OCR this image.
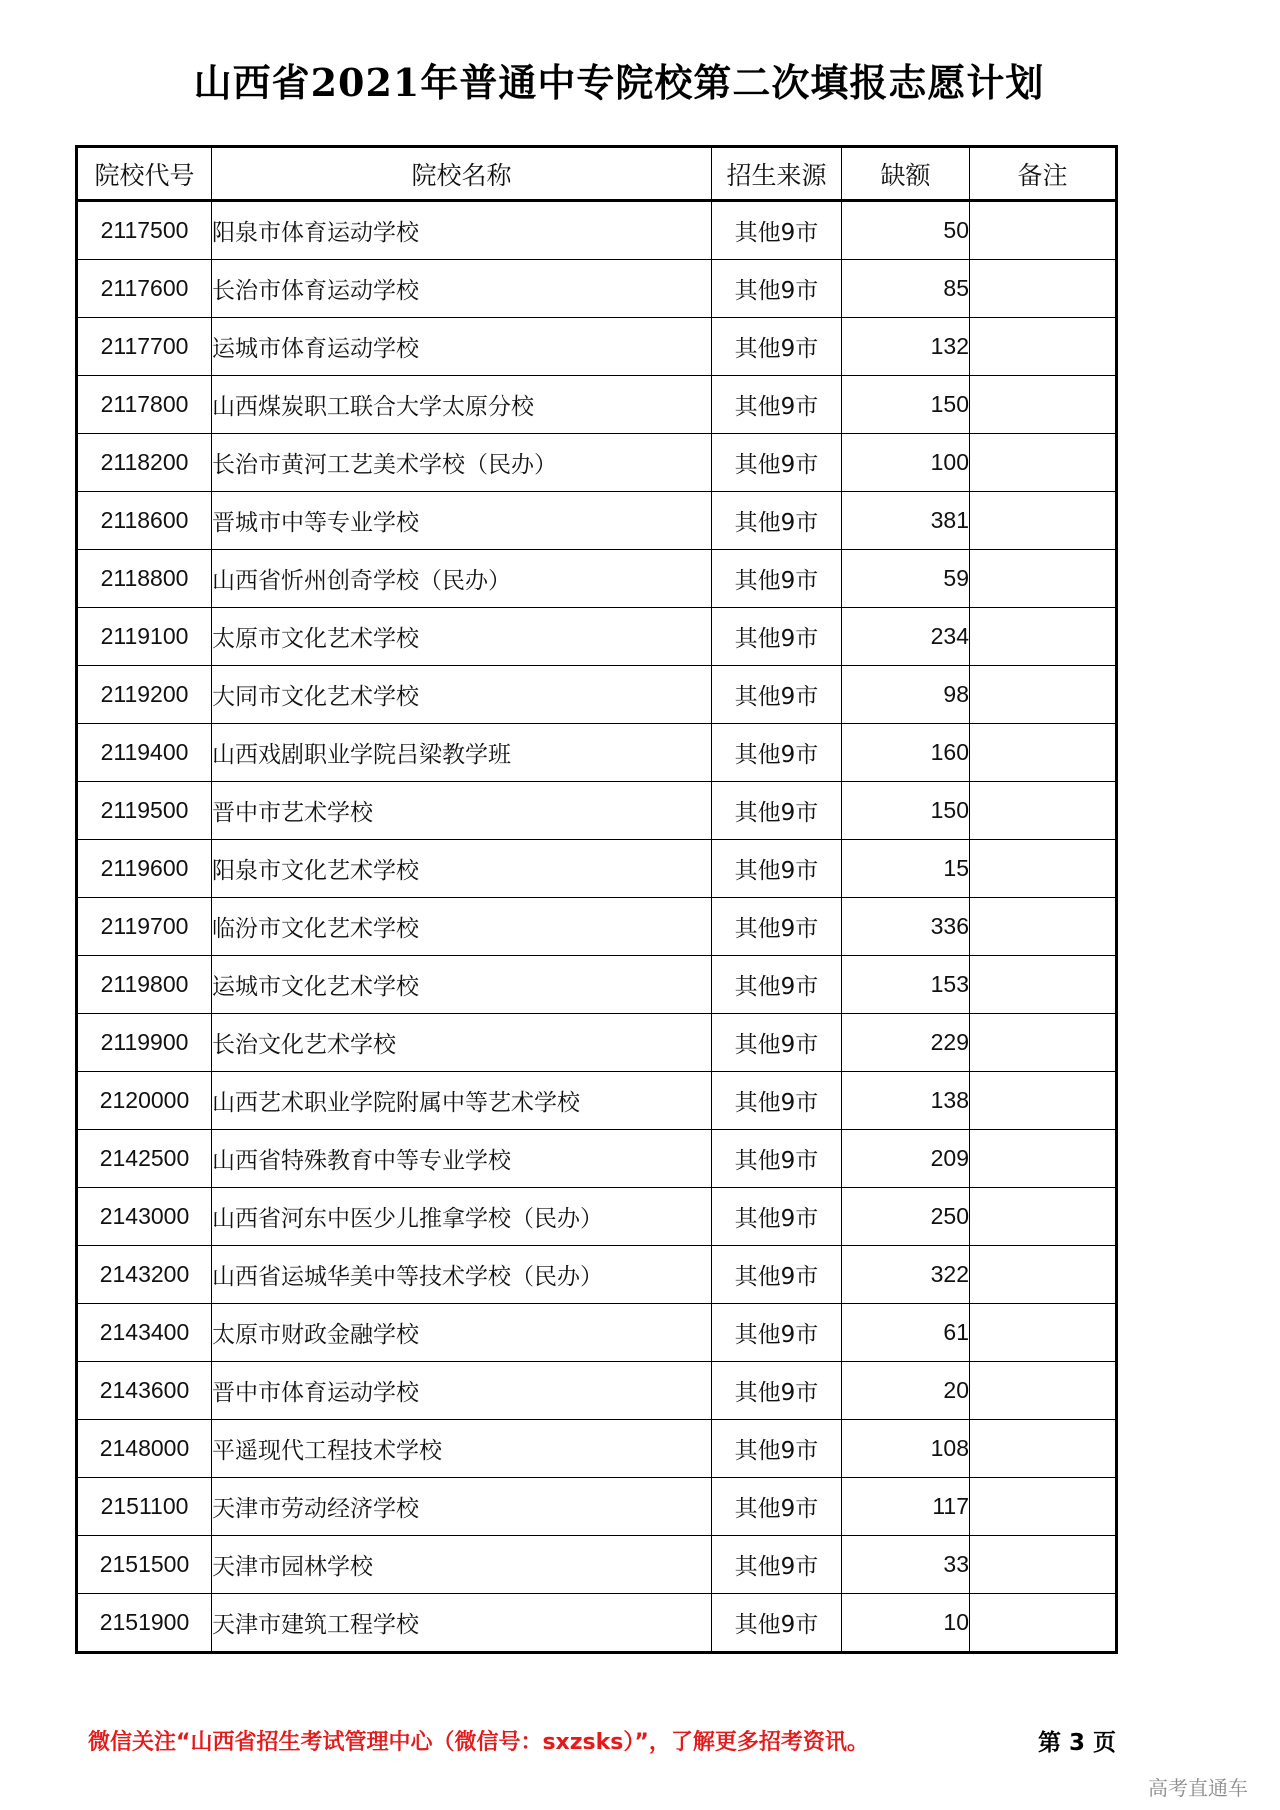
山西省2021年普通中专院校第二次填报志愿计划
院校代号	院校名称	招生来源	缺额	备注
2117500	阳泉市体育运动学校	其他9市	50	
2117600	长治市体育运动学校	其他9市	85	
2117700	运城市体育运动学校	其他9市	132	
2117800	山西煤炭职工联合大学太原分校	其他9市	150	
2118200	长治市黄河工艺美术学校（民办）	其他9市	100	
2118600	晋城市中等专业学校	其他9市	381	
2118800	山西省忻州创奇学校（民办）	其他9市	59	
2119100	太原市文化艺术学校	其他9市	234	
2119200	大同市文化艺术学校	其他9市	98	
2119400	山西戏剧职业学院吕梁教学班	其他9市	160	
2119500	晋中市艺术学校	其他9市	150	
2119600	阳泉市文化艺术学校	其他9市	15	
2119700	临汾市文化艺术学校	其他9市	336	
2119800	运城市文化艺术学校	其他9市	153	
2119900	长治文化艺术学校	其他9市	229	
2120000	山西艺术职业学院附属中等艺术学校	其他9市	138	
2142500	山西省特殊教育中等专业学校	其他9市	209	
2143000	山西省河东中医少儿推拿学校（民办）	其他9市	250	
2143200	山西省运城华美中等技术学校（民办）	其他9市	322	
2143400	太原市财政金融学校	其他9市	61	
2143600	晋中市体育运动学校	其他9市	20	
2148000	平遥现代工程技术学校	其他9市	108	
2151100	天津市劳动经济学校	其他9市	117	
2151500	天津市园林学校	其他9市	33	
2151900	天津市建筑工程学校	其他9市	10	
微信关注“山西省招生考试管理中心（微信号：sxzsks）”，了解更多招考资讯。	第 3 页
高考直通车
